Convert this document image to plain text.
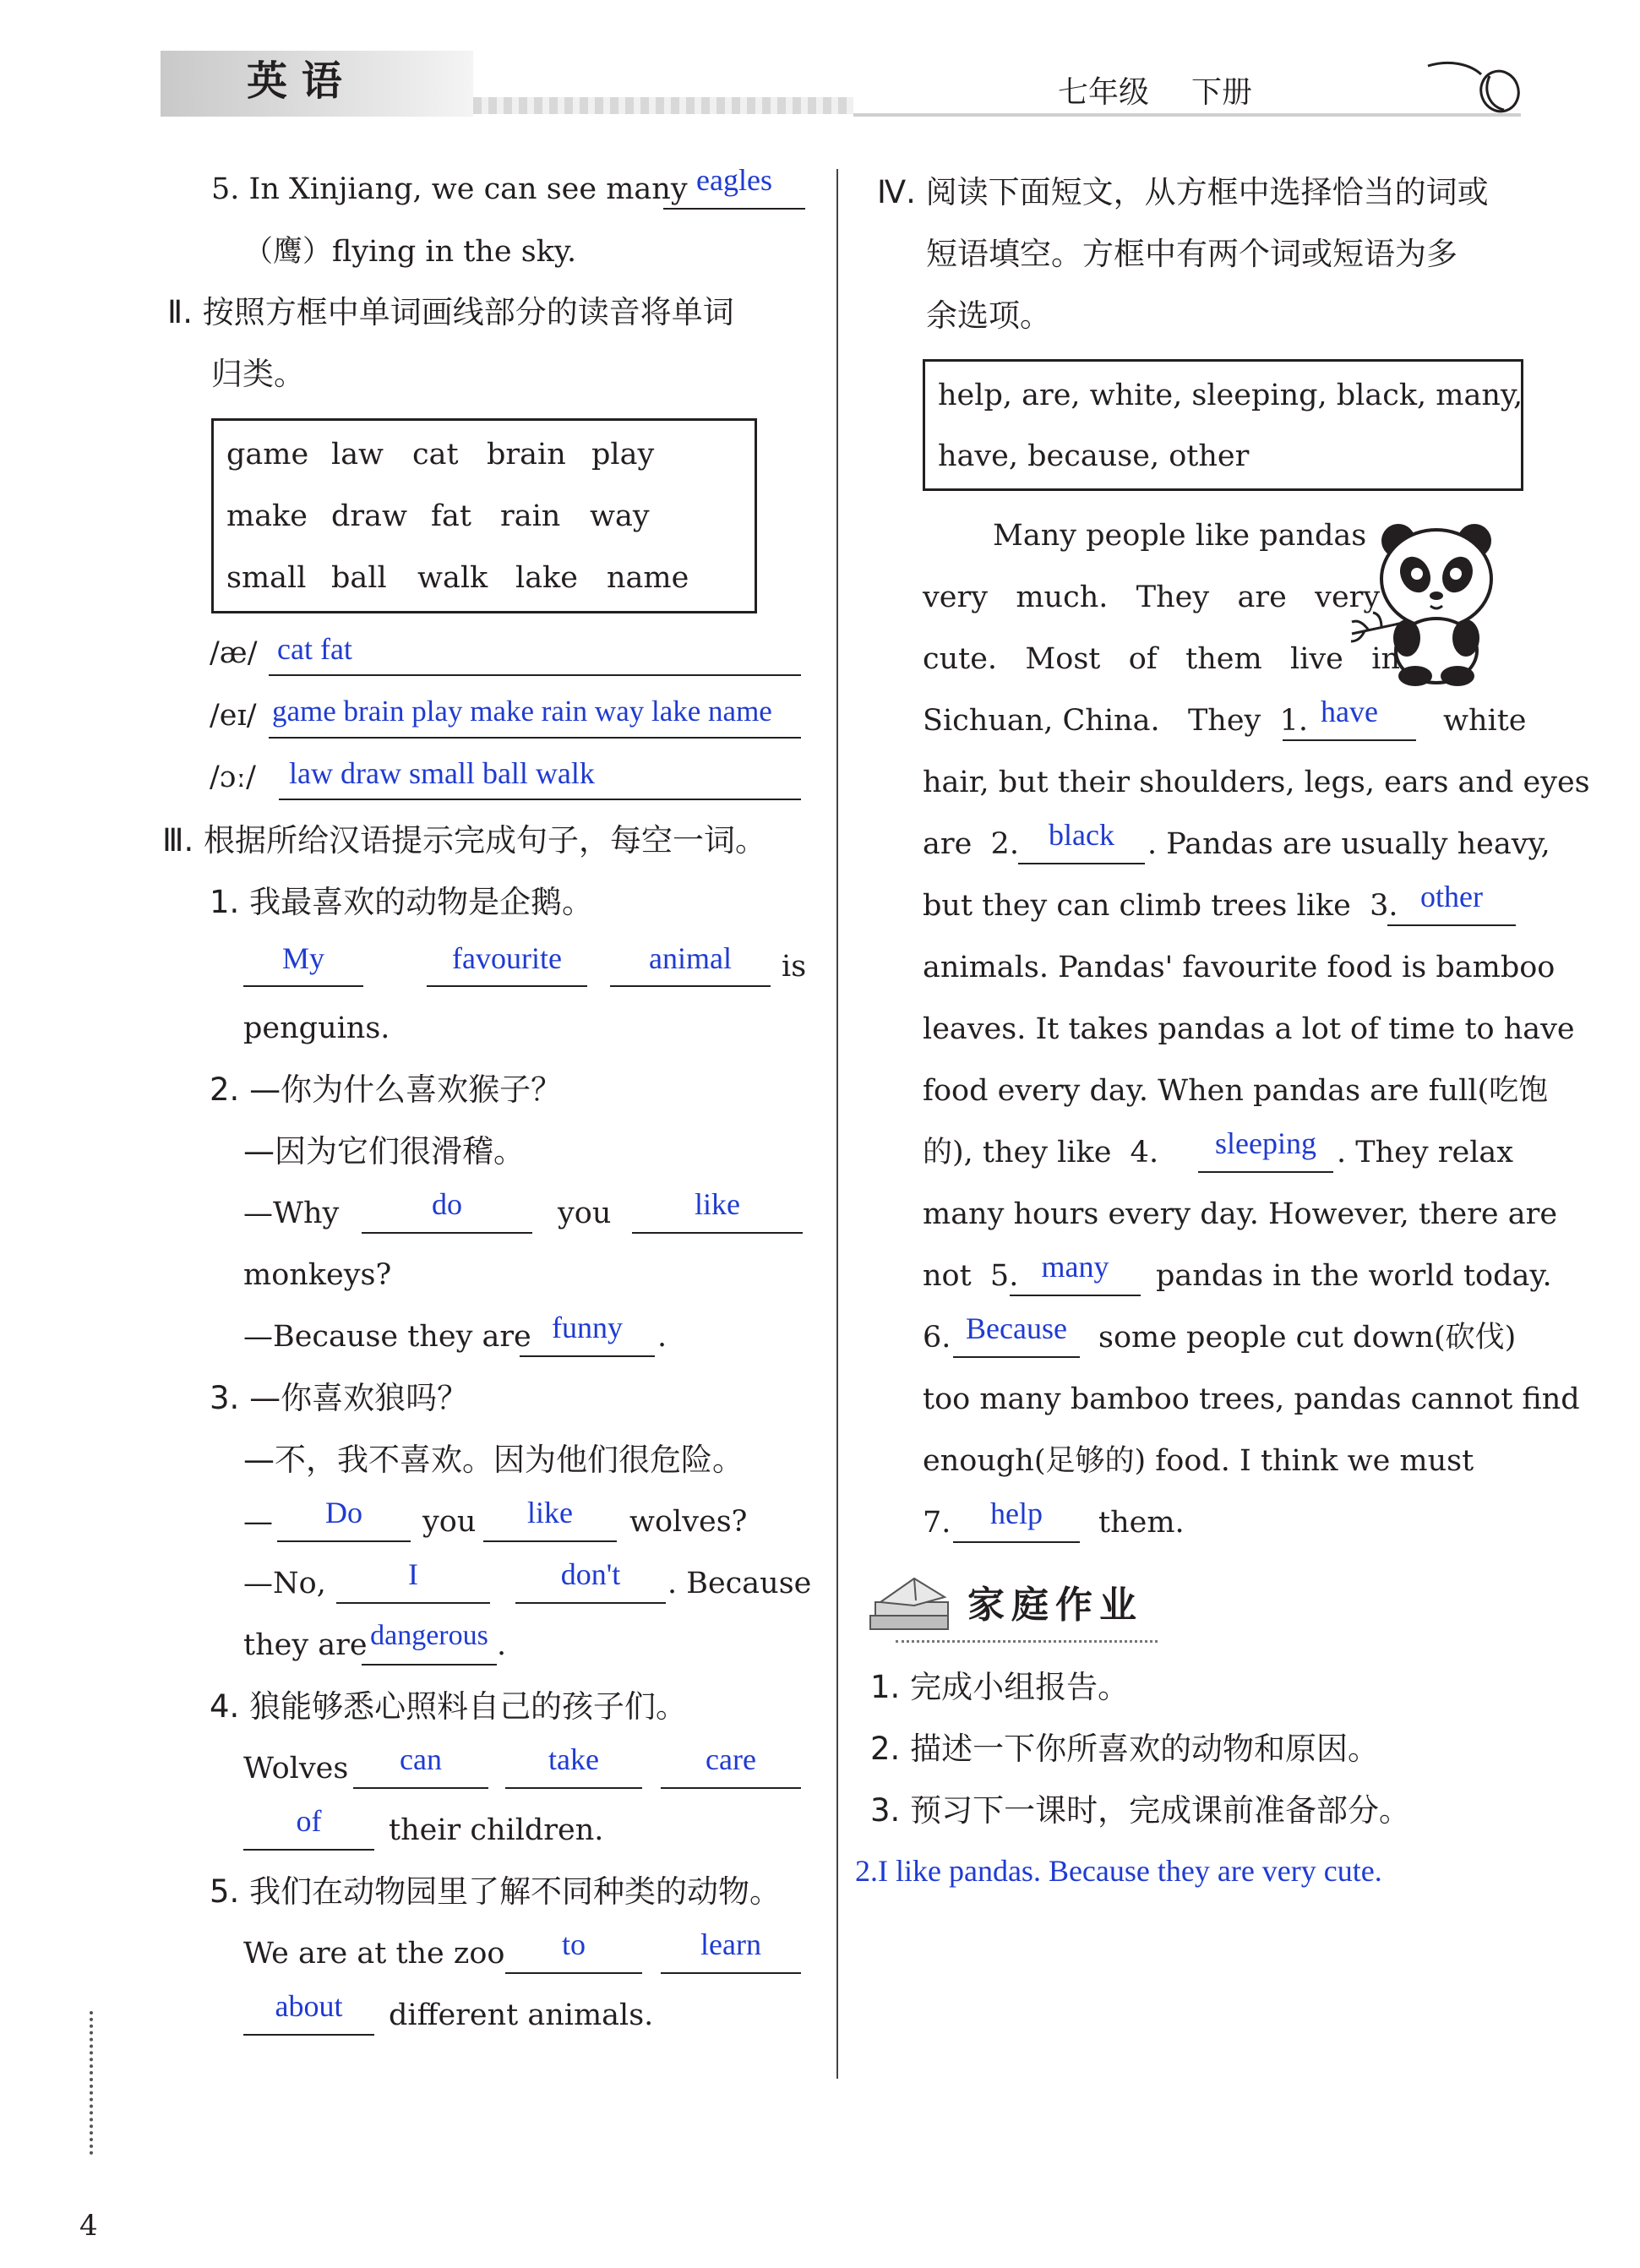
英 语	七年级 下册
5. In Xinjiang, we can see many eagles
（鹰）flying in the sky.
Ⅱ. 按照方框中单词画线部分的读音将单词
归类。
game law cat brain play
make draw fat rain way
small ball walk lake name
/æ/ cat fat
/eɪ/ game brain play make rain way lake name
/ɔː/ law draw small ball walk
Ⅲ. 根据所给汉语提示完成句子，每空一词。
1. 我最喜欢的动物是企鹅。
My	favourite	animal	is
penguins.
2. —你为什么喜欢猴子？
—因为它们很滑稽。
—Why	do	you	like
monkeys?
—Because they are funny	.
3. —你喜欢狼吗？
—不，我不喜欢。因为他们很危险。
—	Do	you	like	wolves?
—No,	I	don't	. Because
they are dangerous .
4. 狼能够悉心照料自己的孩子们。
Wolves	can	take	care
of	their children.
5. 我们在动物园里了解不同种类的动物。
We are at the zoo	to	learn
about	different animals.
4
Ⅳ. 阅读下面短文，从方框中选择恰当的词或
短语填空。方框中有两个词或短语为多
余选项。
help, are, white, sleeping, black, many,
have, because, other
Many people like pandas
very   much.   They   are   very
cute.   Most   of   them   live   in
Sichuan, China.   They  1. have	white
hair, but their shoulders, legs, ears and eyes
are  2. black	. Pandas are usually heavy,
but they can climb trees like  3. other
animals. Pandas' favourite food is bamboo
leaves. It takes pandas a lot of time to have
food every day. When pandas are full(吃饱
的), they like  4.	sleeping . They relax
many hours every day. However, there are
not  5. many	pandas in the world today.
6. Because	some people cut down(砍伐)
too many bamboo trees, pandas cannot find
enough(足够的) food. I think we must
7.	help	them.
家庭作业
1. 完成小组报告。
2. 描述一下你所喜欢的动物和原因。
3. 预习下一课时，完成课前准备部分。
2.I like pandas. Because they are very cute.
